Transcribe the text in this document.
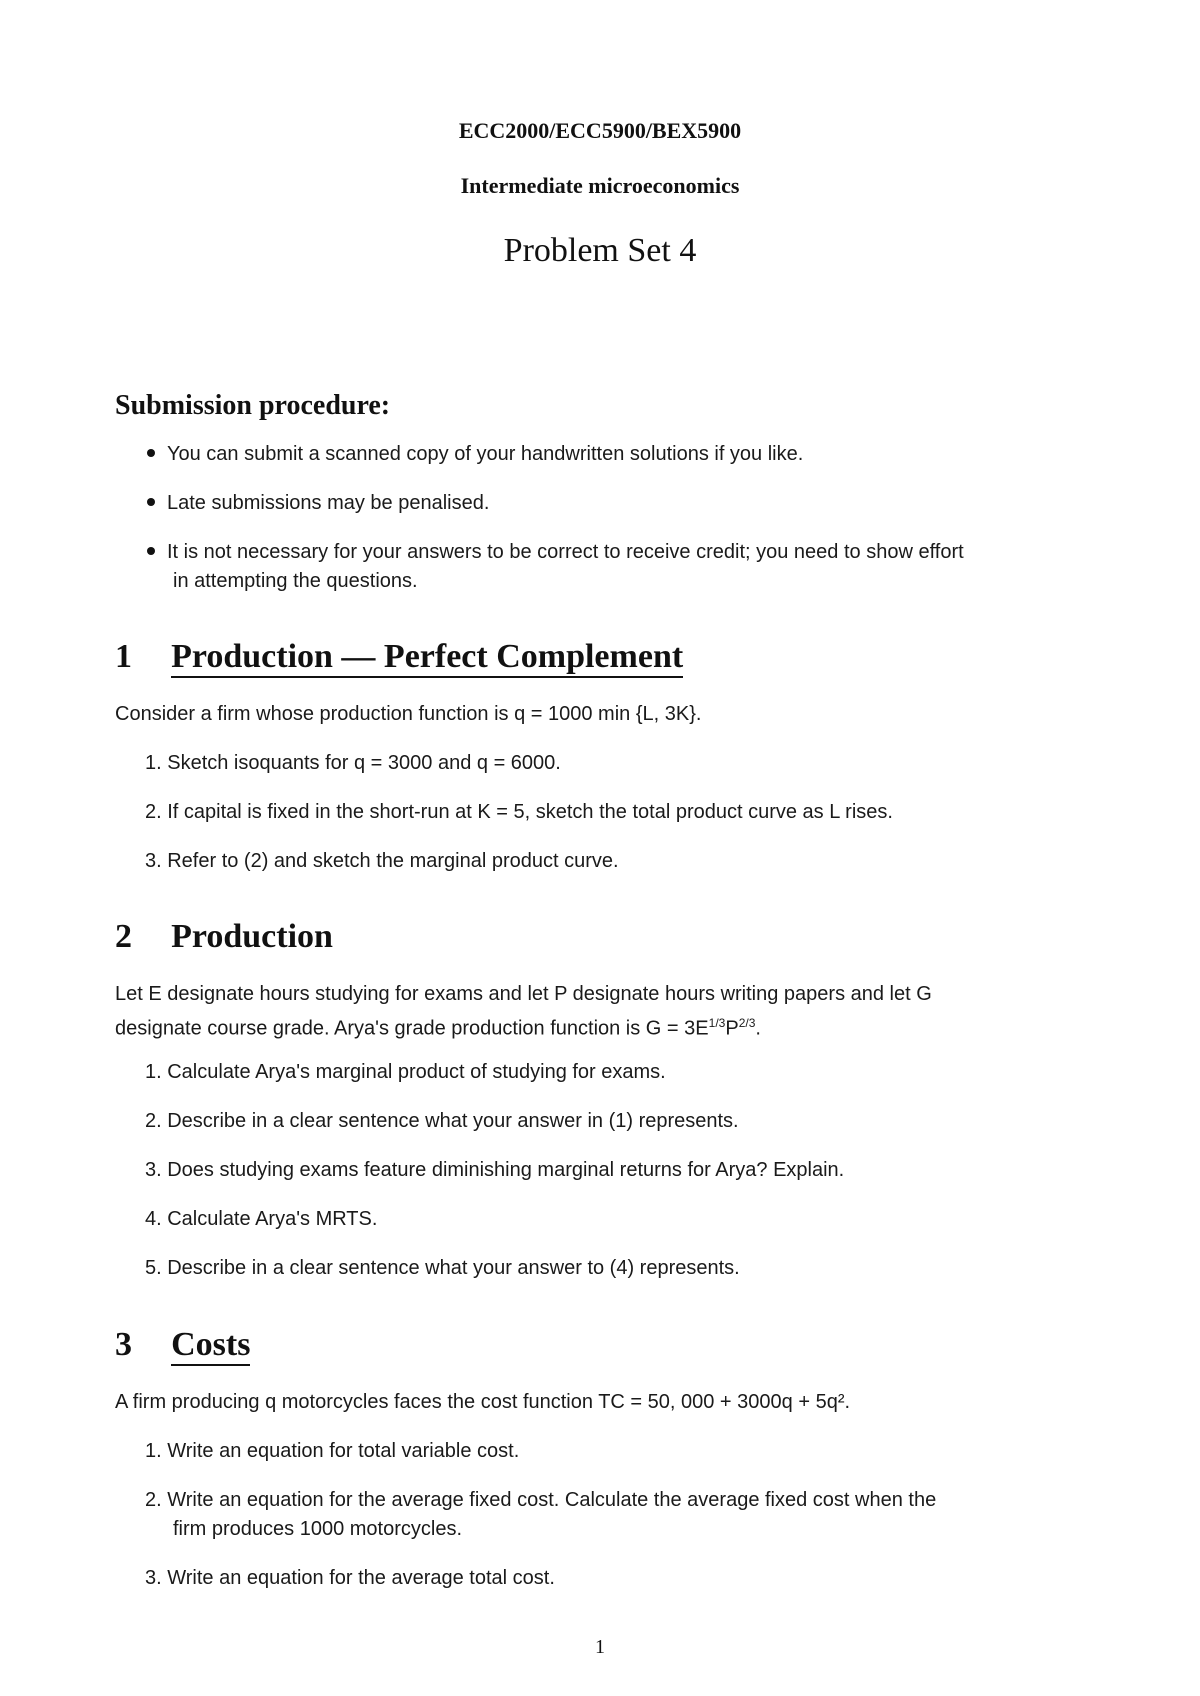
ECC2000/ECC5900/BEX5900
Intermediate microeconomics
Problem Set 4
Submission procedure:
You can submit a scanned copy of your handwritten solutions if you like.
Late submissions may be penalised.
It is not necessary for your answers to be correct to receive credit; you need to show effort
in attempting the questions.
1 Production — Perfect Complement
Consider a firm whose production function is q = 1000 min {L, 3K}.
1. Sketch isoquants for q = 3000 and q = 6000.
2. If capital is fixed in the short-run at K = 5, sketch the total product curve as L rises.
3. Refer to (2) and sketch the marginal product curve.
2 Production
Let E designate hours studying for exams and let P designate hours writing papers and let G
designate course grade. Arya's grade production function is $G = 3E^{1/3}P^{2/3}$.
1. Calculate Arya's marginal product of studying for exams.
2. Describe in a clear sentence what your answer in (1) represents.
3. Does studying exams feature diminishing marginal returns for Arya? Explain.
4. Calculate Arya's MRTS.
5. Describe in a clear sentence what your answer to (4) represents.
3 Costs
A firm producing q motorcycles faces the cost function TC = 50, 000 + 3000q + 5q².
1. Write an equation for total variable cost.
2. Write an equation for the average fixed cost. Calculate the average fixed cost when the
firm produces 1000 motorcycles.
3. Write an equation for the average total cost.
1
